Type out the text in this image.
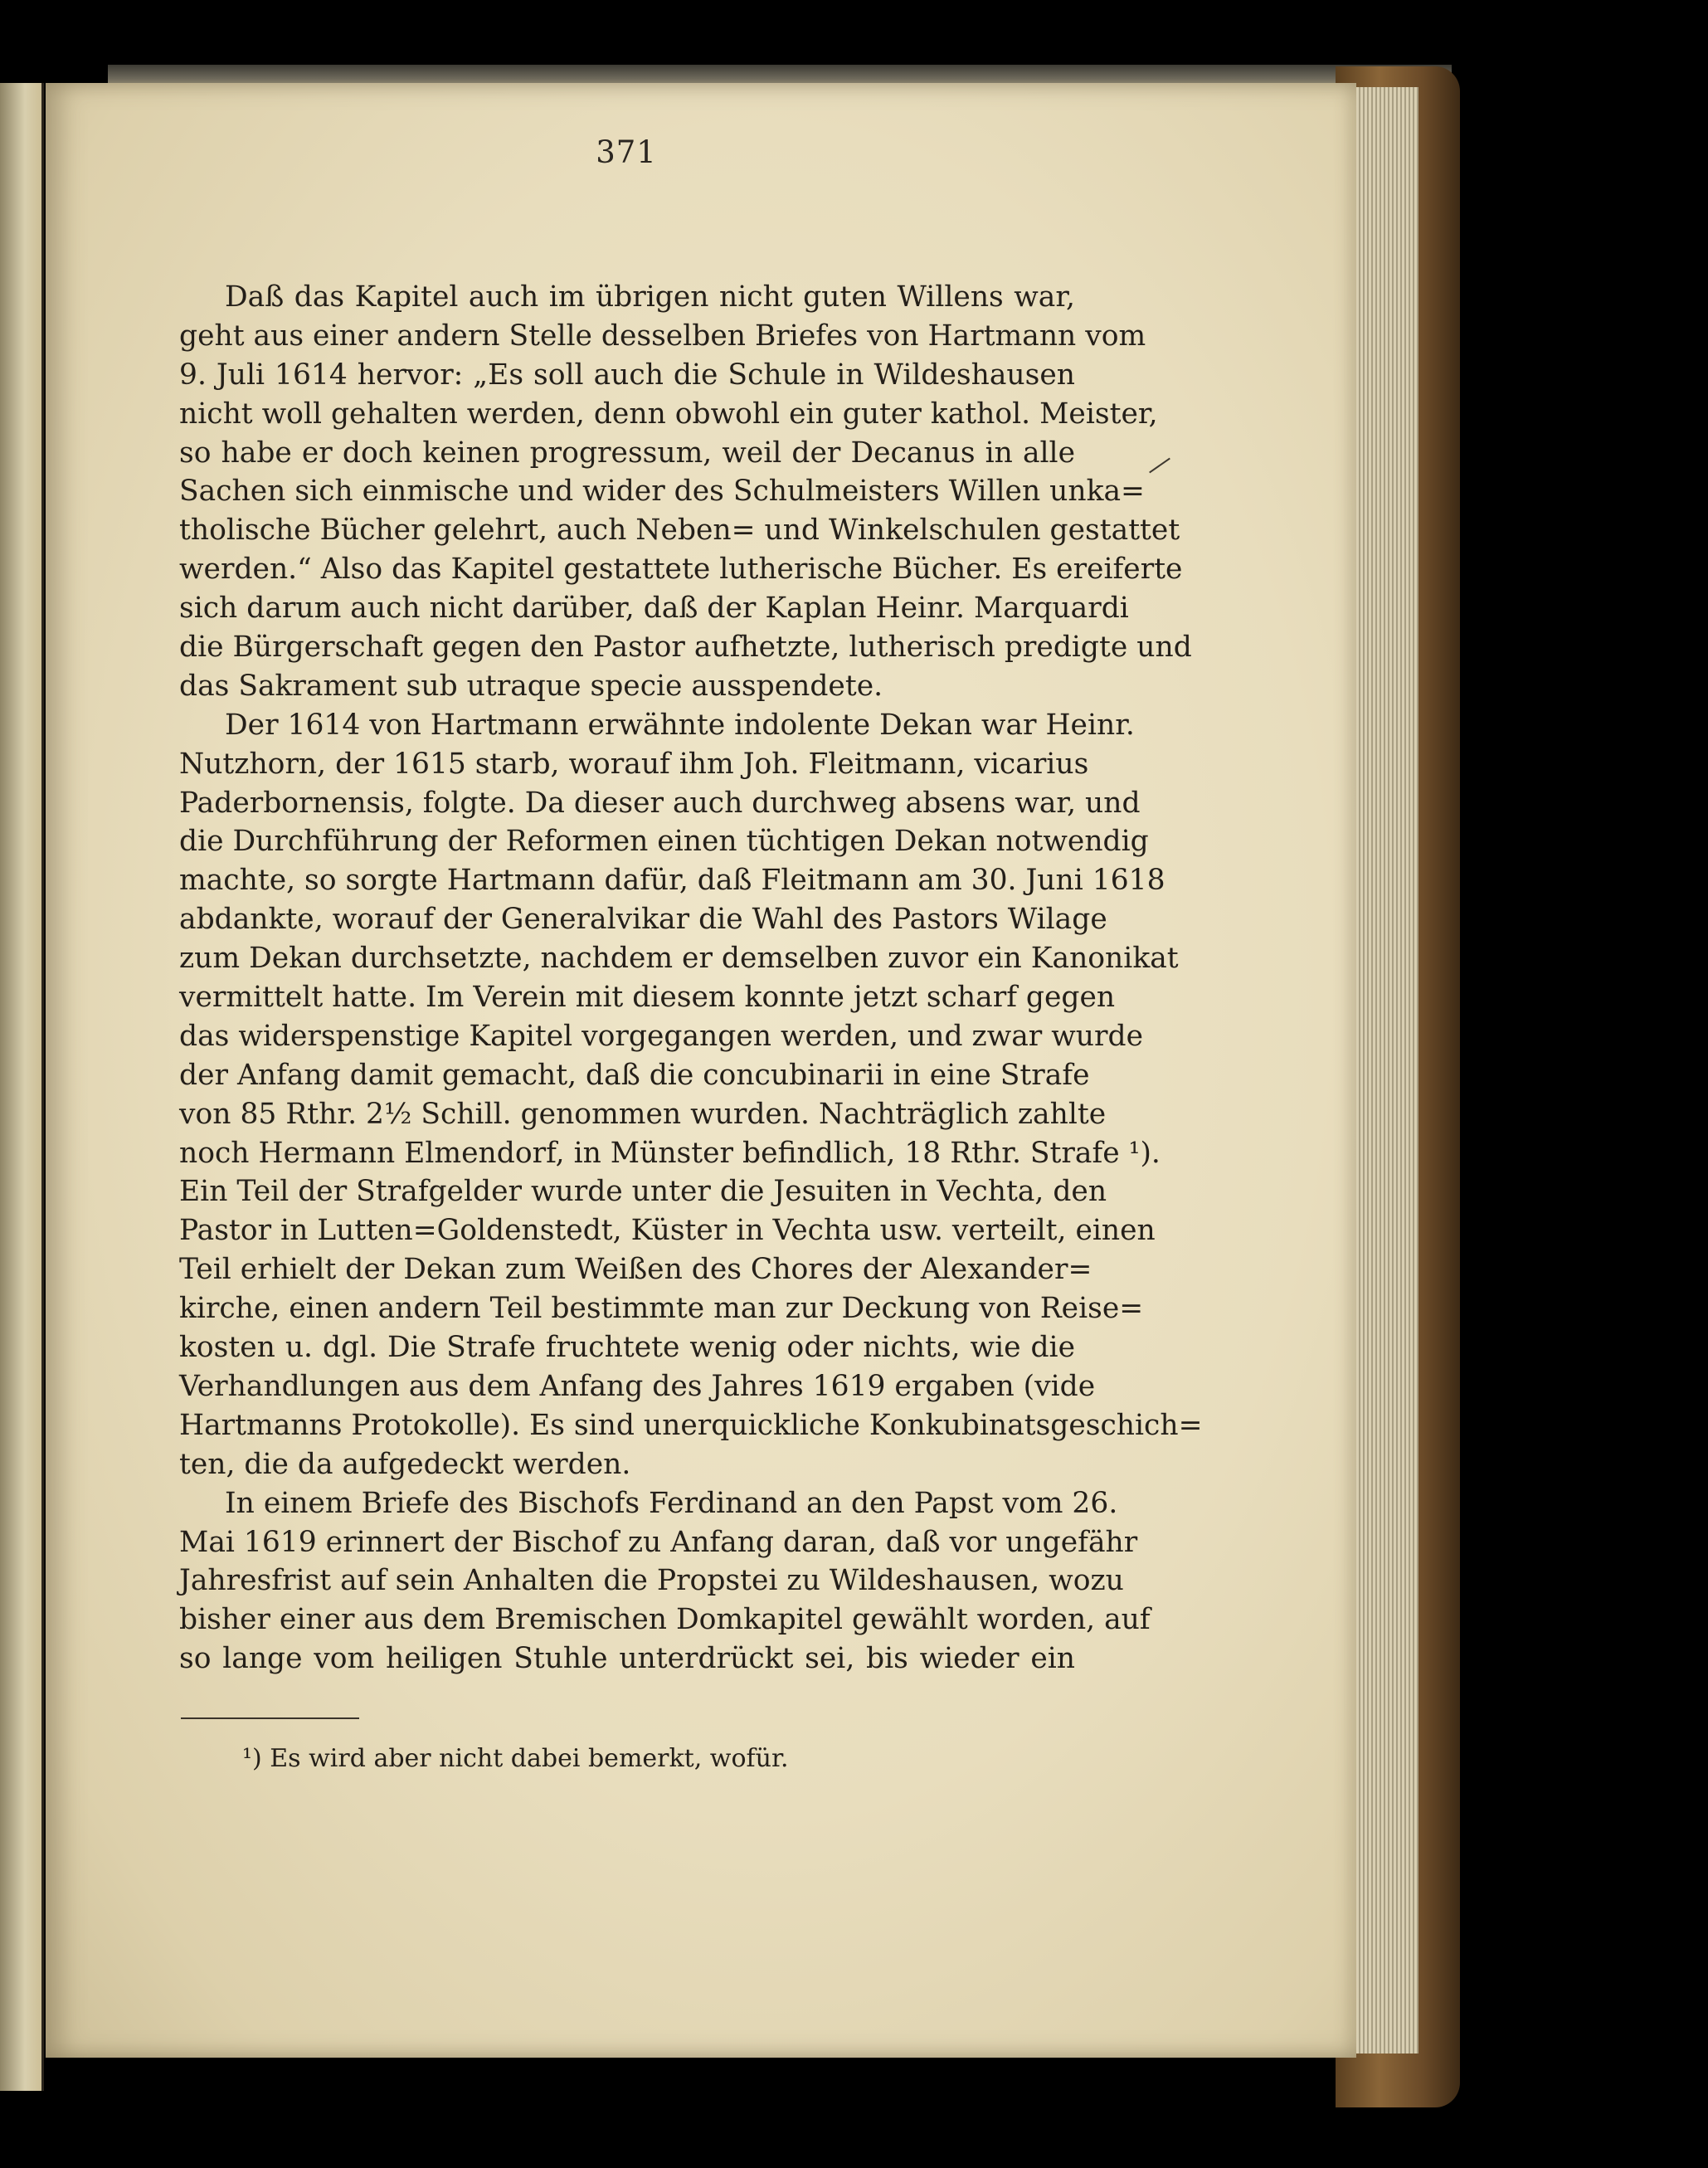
371
Daß das Kapitel auch im übrigen nicht guten Willens war,
geht aus einer andern Stelle desselben Briefes von Hartmann vom
9. Juli 1614 hervor: „Es soll auch die Schule in Wildeshausen
nicht woll gehalten werden, denn obwohl ein guter kathol. Meister,
so habe er doch keinen progressum, weil der Decanus in alle
Sachen sich einmische und wider des Schulmeisters Willen unka=
tholische Bücher gelehrt, auch Neben= und Winkelschulen gestattet
werden.“ Also das Kapitel gestattete lutherische Bücher. Es ereiferte
sich darum auch nicht darüber, daß der Kaplan Heinr. Marquardi
die Bürgerschaft gegen den Pastor aufhetzte, lutherisch predigte und
das Sakrament sub utraque specie ausspendete.
Der 1614 von Hartmann erwähnte indolente Dekan war Heinr.
Nutzhorn, der 1615 starb, worauf ihm Joh. Fleitmann, vicarius
Paderbornensis, folgte. Da dieser auch durchweg absens war, und
die Durchführung der Reformen einen tüchtigen Dekan notwendig
machte, so sorgte Hartmann dafür, daß Fleitmann am 30. Juni 1618
abdankte, worauf der Generalvikar die Wahl des Pastors Wilage
zum Dekan durchsetzte, nachdem er demselben zuvor ein Kanonikat
vermittelt hatte. Im Verein mit diesem konnte jetzt scharf gegen
das widerspenstige Kapitel vorgegangen werden, und zwar wurde
der Anfang damit gemacht, daß die concubinarii in eine Strafe
von 85 Rthr. 2½ Schill. genommen wurden. Nachträglich zahlte
noch Hermann Elmendorf, in Münster befindlich, 18 Rthr. Strafe ¹).
Ein Teil der Strafgelder wurde unter die Jesuiten in Vechta, den
Pastor in Lutten=Goldenstedt, Küster in Vechta usw. verteilt, einen
Teil erhielt der Dekan zum Weißen des Chores der Alexander=
kirche, einen andern Teil bestimmte man zur Deckung von Reise=
kosten u. dgl. Die Strafe fruchtete wenig oder nichts, wie die
Verhandlungen aus dem Anfang des Jahres 1619 ergaben (vide
Hartmanns Protokolle). Es sind unerquickliche Konkubinatsgeschich=
ten, die da aufgedeckt werden.
In einem Briefe des Bischofs Ferdinand an den Papst vom 26.
Mai 1619 erinnert der Bischof zu Anfang daran, daß vor ungefähr
Jahresfrist auf sein Anhalten die Propstei zu Wildeshausen, wozu
bisher einer aus dem Bremischen Domkapitel gewählt worden, auf
so lange vom heiligen Stuhle unterdrückt sei, bis wieder ein
¹) Es wird aber nicht dabei bemerkt, wofür.
